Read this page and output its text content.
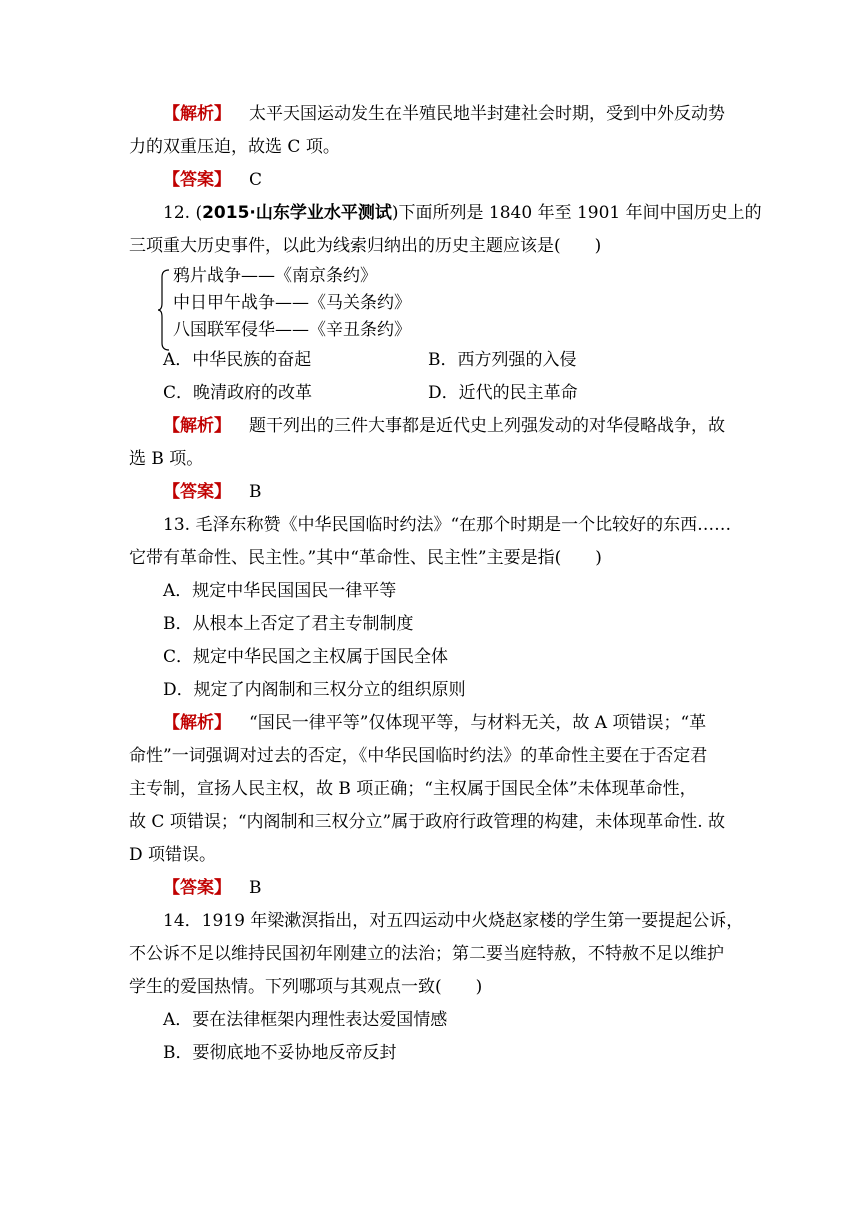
【解析】 太平天国运动发生在半殖民地半封建社会时期，受到中外反动势
力的双重压迫，故选 C 项。
【答案】 C
12. (2015·山东学业水平测试)下面所列是 1840 年至 1901 年间中国历史上的
三项重大历史事件，以此为线索归纳出的历史主题应该是(　　)
鸦片战争——《南京条约》
中日甲午战争——《马关条约》
八国联军侵华——《辛丑条约》
A．中华民族的奋起	B．西方列强的入侵
C．晚清政府的改革	D．近代的民主革命
【解析】 题干列出的三件大事都是近代史上列强发动的对华侵略战争，故
选 B 项。
【答案】 B
13. 毛泽东称赞《中华民国临时约法》“在那个时期是一个比较好的东西……
它带有革命性、民主性。”其中“革命性、民主性”主要是指(　　)
A．规定中华民国国民一律平等
B．从根本上否定了君主专制制度
C．规定中华民国之主权属于国民全体
D．规定了内阁制和三权分立的组织原则
【解析】 “国民一律平等”仅体现平等，与材料无关，故 A 项错误；“革
命性”一词强调对过去的否定，《中华民国临时约法》的革命性主要在于否定君
主专制，宣扬人民主权，故 B 项正确；“主权属于国民全体”未体现革命性，
故 C 项错误；“内阁制和三权分立”属于政府行政管理的构建，未体现革命性. 故
D 项错误。
【答案】 B
14．1919 年梁漱溟指出，对五四运动中火烧赵家楼的学生第一要提起公诉，
不公诉不足以维持民国初年刚建立的法治；第二要当庭特赦，不特赦不足以维护
学生的爱国热情。下列哪项与其观点一致(　　)
A．要在法律框架内理性表达爱国情感
B．要彻底地不妥协地反帝反封
